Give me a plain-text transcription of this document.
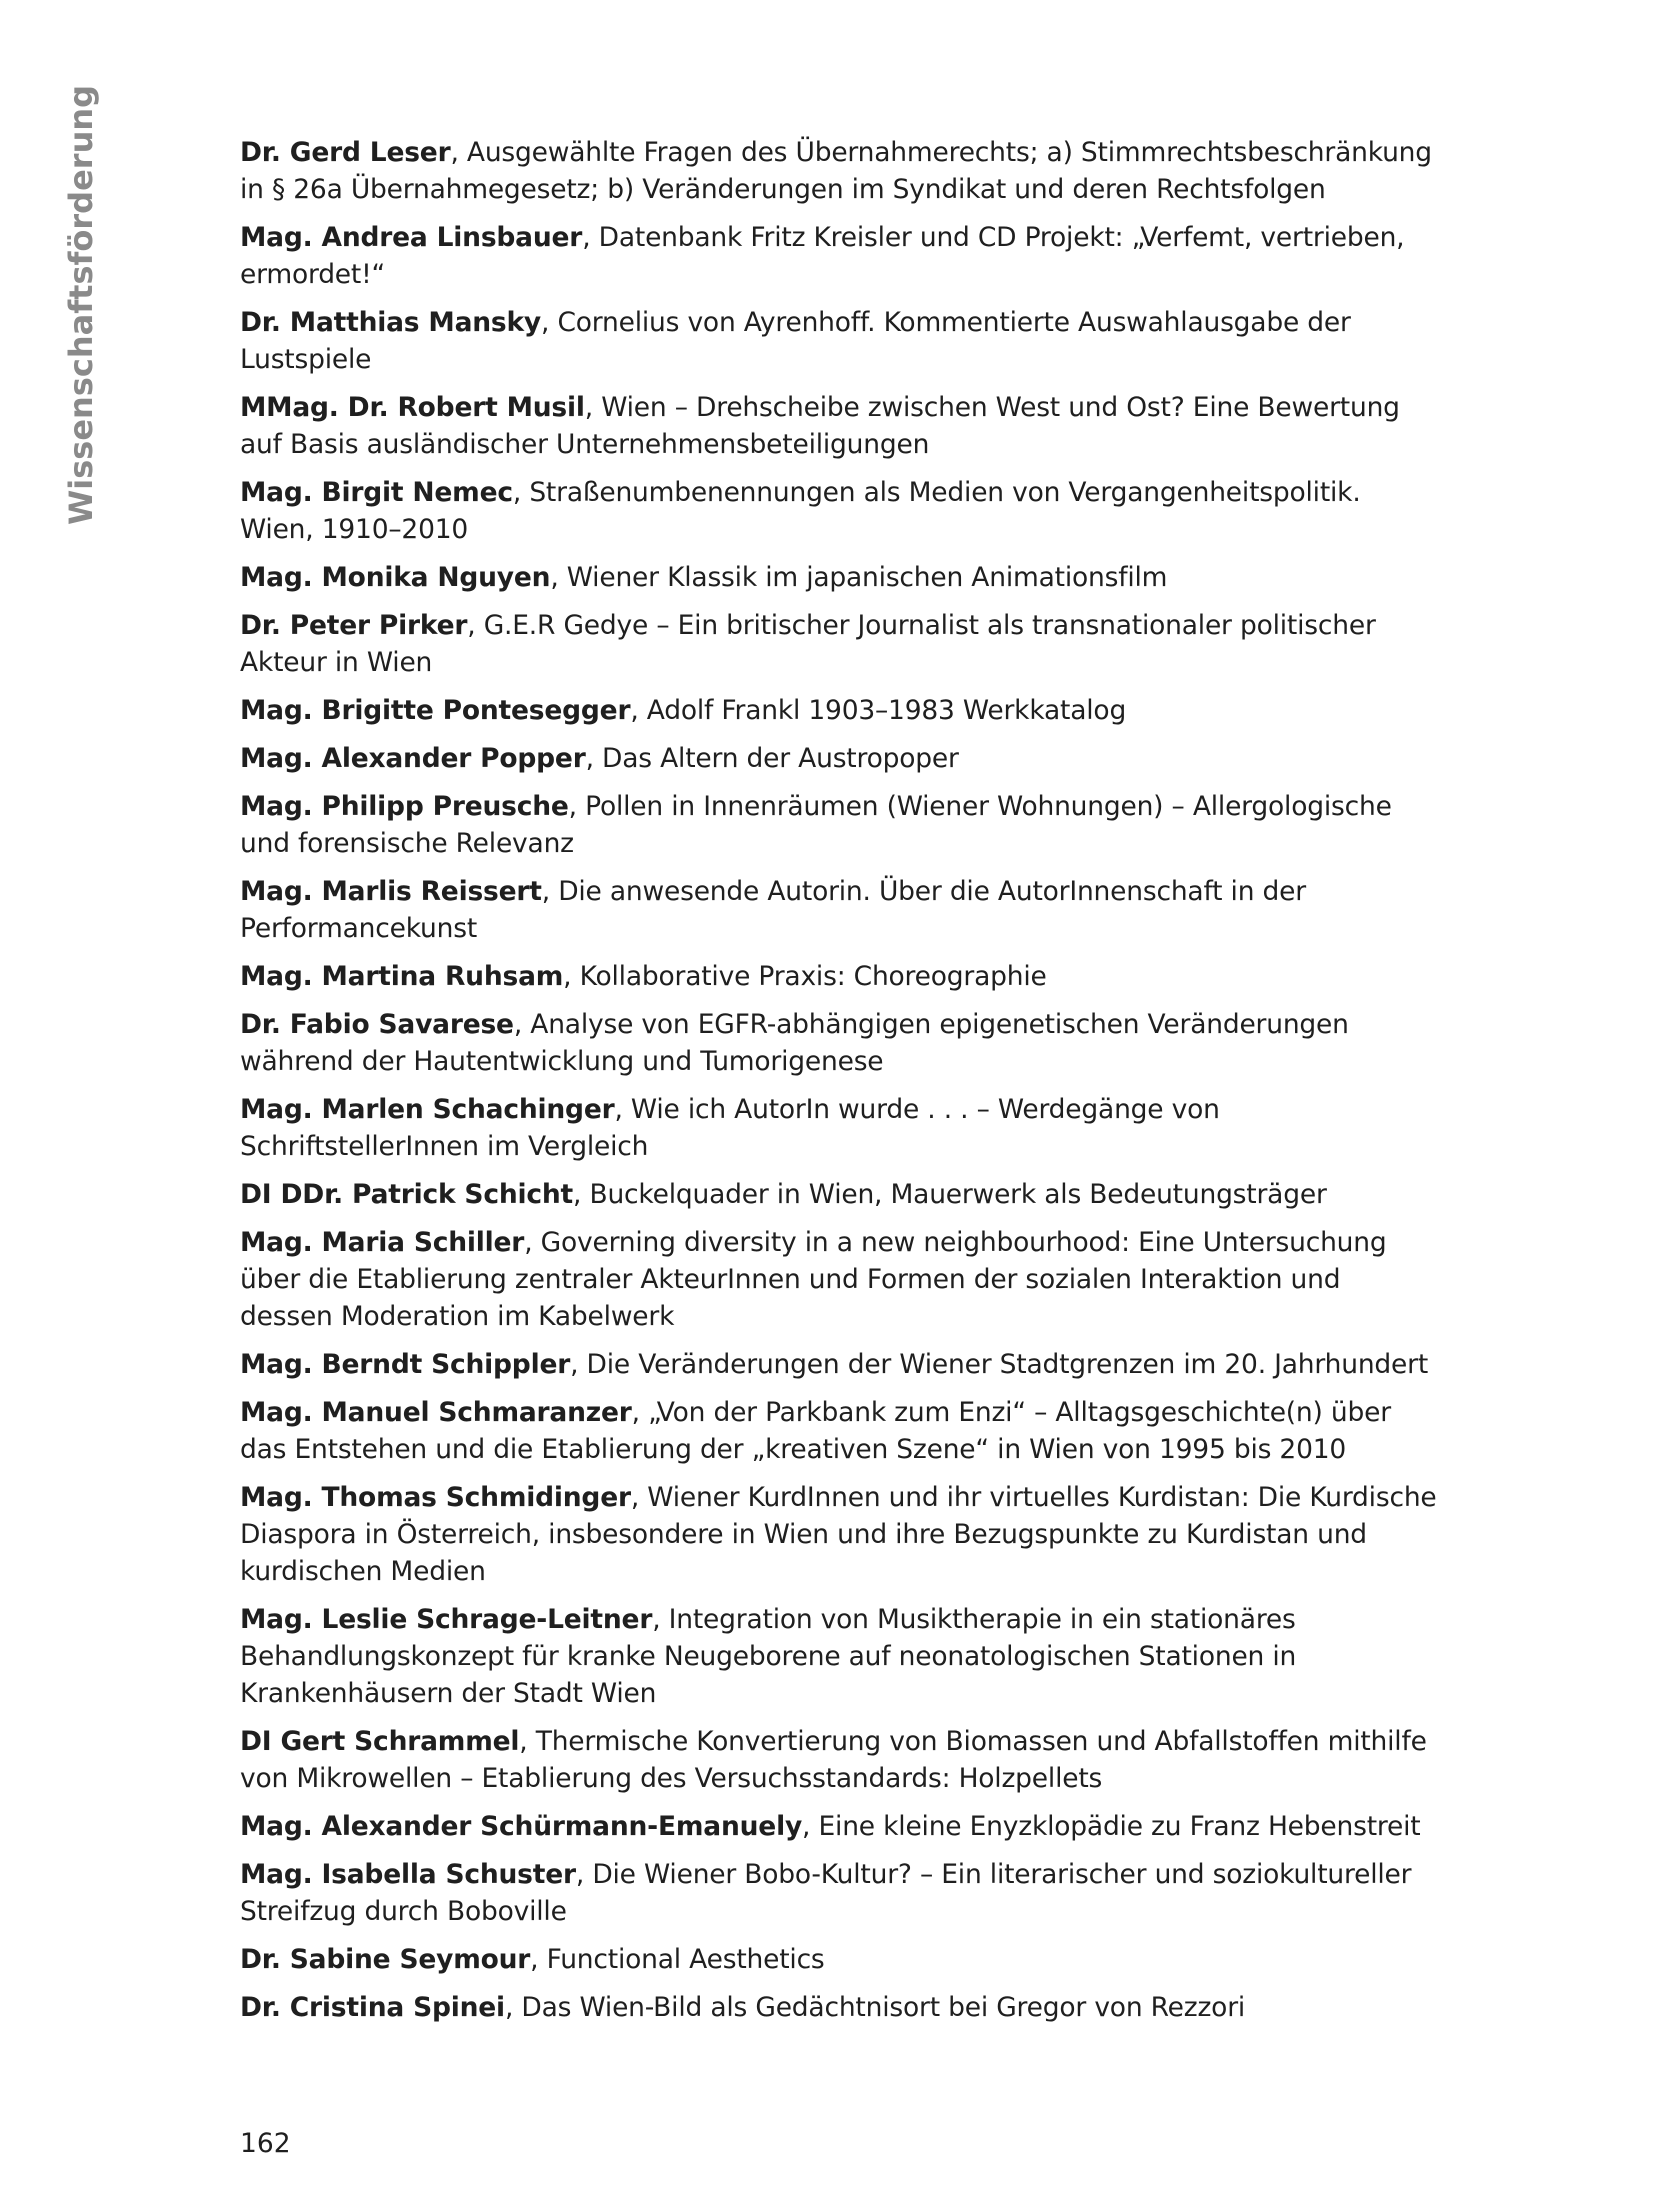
Wissenschaftsförderung	Dr. Gerd Leser, Ausgewählte Fragen des Übernahmerechts; a) Stimmrechtsbeschränkung in § 26a Übernahmegesetz; b) Veränderungen im Syndikat und deren Rechtsfolgen

Mag. Andrea Linsbauer, Datenbank Fritz Kreisler und CD Projekt: „Verfemt, vertrieben, ermordet!“

Dr. Matthias Mansky, Cornelius von Ayrenhoff. Kommentierte Auswahlausgabe der Lustspiele

MMag. Dr. Robert Musil, Wien – Drehscheibe zwischen West und Ost? Eine Bewertung auf Basis ausländischer Unternehmensbeteiligungen

Mag. Birgit Nemec, Straßenumbenennungen als Medien von Vergangenheitspolitik. Wien, 1910–2010

Mag. Monika Nguyen, Wiener Klassik im japanischen Animationsfilm

Dr. Peter Pirker, G.E.R Gedye – Ein britischer Journalist als transnationaler politischer Akteur in Wien

Mag. Brigitte Pontesegger, Adolf Frankl 1903–1983 Werkkatalog

Mag. Alexander Popper, Das Altern der Austropoper

Mag. Philipp Preusche, Pollen in Innenräumen (Wiener Wohnungen) – Allergologische und forensische Relevanz

Mag. Marlis Reissert, Die anwesende Autorin. Über die AutorInnenschaft in der Performancekunst

Mag. Martina Ruhsam, Kollaborative Praxis: Choreographie

Dr. Fabio Savarese, Analyse von EGFR-abhängigen epigenetischen Veränderungen während der Hautentwicklung und Tumorigenese

Mag. Marlen Schachinger, Wie ich AutorIn wurde . . . – Werdegänge von SchriftstellerInnen im Vergleich

DI DDr. Patrick Schicht, Buckelquader in Wien, Mauerwerk als Bedeutungsträger

Mag. Maria Schiller, Governing diversity in a new neighbourhood: Eine Untersuchung über die Etablierung zentraler AkteurInnen und Formen der sozialen Interaktion und dessen Moderation im Kabelwerk

Mag. Berndt Schippler, Die Veränderungen der Wiener Stadtgrenzen im 20. Jahrhundert

Mag. Manuel Schmaranzer, „Von der Parkbank zum Enzi“ – Alltagsgeschichte(n) über das Entstehen und die Etablierung der „kreativen Szene“ in Wien von 1995 bis 2010

Mag. Thomas Schmidinger, Wiener KurdInnen und ihr virtuelles Kurdistan: Die Kurdische Diaspora in Österreich, insbesondere in Wien und ihre Bezugspunkte zu Kurdistan und kurdischen Medien

Mag. Leslie Schrage-Leitner, Integration von Musiktherapie in ein stationäres Behandlungskonzept für kranke Neugeborene auf neonatologischen Stationen in Krankenhäusern der Stadt Wien

DI Gert Schrammel, Thermische Konvertierung von Biomassen und Abfallstoffen mithilfe von Mikrowellen – Etablierung des Versuchsstandards: Holzpellets

Mag. Alexander Schürmann-Emanuely, Eine kleine Enyzklopädie zu Franz Hebenstreit

Mag. Isabella Schuster, Die Wiener Bobo-Kultur? – Ein literarischer und soziokultureller Streifzug durch Boboville

Dr. Sabine Seymour, Functional Aesthetics

Dr. Cristina Spinei, Das Wien-Bild als Gedächtnisort bei Gregor von Rezzori

162
